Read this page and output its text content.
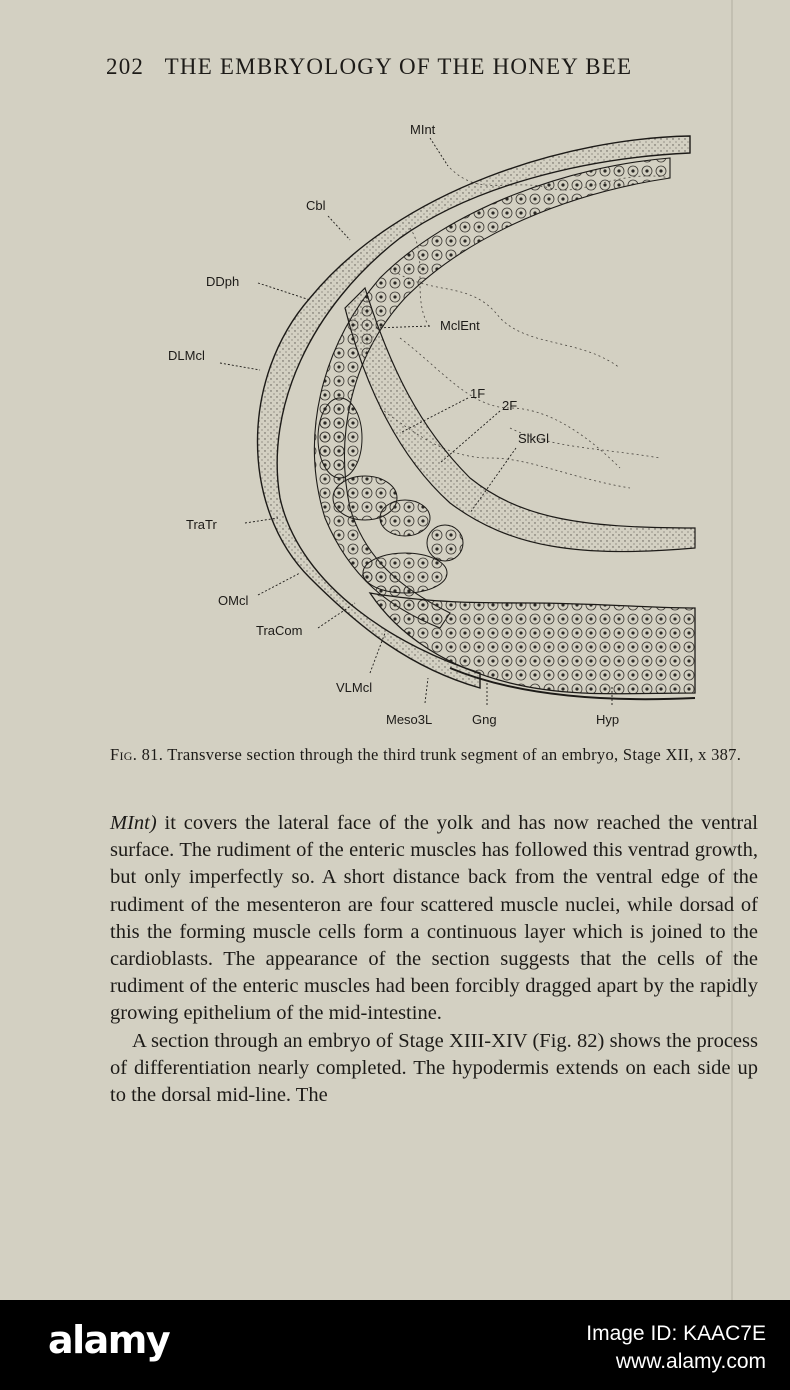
202 THE EMBRYOLOGY OF THE HONEY BEE
MInt
Cbl
DDph
MclEnt
DLMcl
1F
2F
SlkGl
TraTr
OMcl
TraCom
VLMcl
Meso3L	Gng	Hyp
Fig. 81. Transverse section through the third trunk segment of an embryo, Stage XII, x 387.

MInt) it covers the lateral face of the yolk and has now reached the ventral surface. The rudiment of the enteric muscles has followed this ventrad growth, but only imperfectly so. A short distance back from the ventral edge of the rudiment of the mesenteron are four scattered muscle nuclei, while dorsad of this the forming muscle cells form a continuous layer which is joined to the cardioblasts. The appearance of the section suggests that the cells of the rudiment of the enteric muscles had been forcibly dragged apart by the rapidly growing epithelium of the mid-intestine.

A section through an embryo of Stage XIII-XIV (Fig. 82) shows the process of differentiation nearly completed. The hypodermis extends on each side up to the dorsal mid-line. The

alamy	Image ID: KAAC7E
www.alamy.com
